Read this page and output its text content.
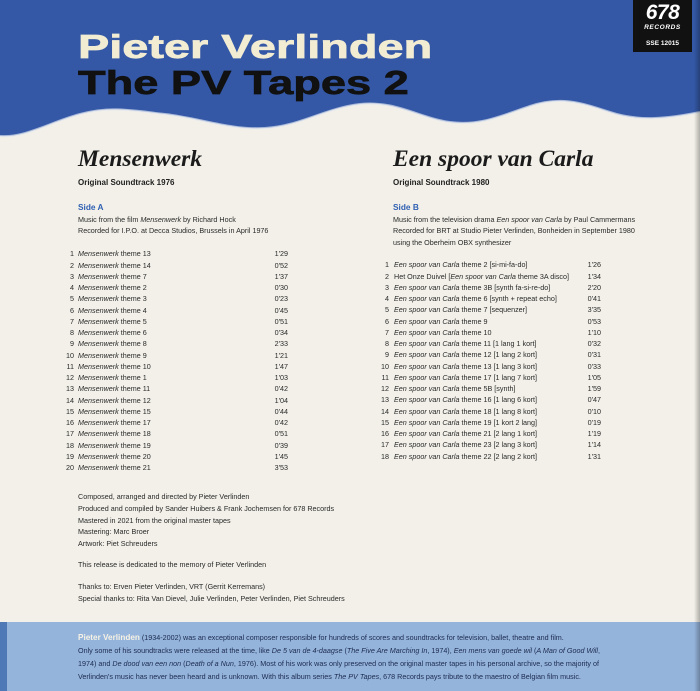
Pieter Verlinden
The PV Tapes 2
678
RECORDS
SSE 12015
Mensenwerk
Original Soundtrack 1976
Side A
Music from the film Mensenwerk by Richard Hock
Recorded for I.P.O. at Decca Studios, Brussels in April 1976
1 Mensenwerk theme 13	1'29
2 Mensenwerk theme 14	0'52
3 Mensenwerk theme 7	1'37
4 Mensenwerk theme 2	0'30
5 Mensenwerk theme 3	0'23
6 Mensenwerk theme 4	0'45
7 Mensenwerk theme 5	0'51
8 Mensenwerk theme 6	0'34
9 Mensenwerk theme 8	2'33
10 Mensenwerk theme 9	1'21
11 Mensenwerk theme 10	1'47
12 Mensenwerk theme 1	1'03
13 Mensenwerk theme 11	0'42
14 Mensenwerk theme 12	1'04
15 Mensenwerk theme 15	0'44
16 Mensenwerk theme 17	0'42
17 Mensenwerk theme 18	0'51
18 Mensenwerk theme 19	0'39
19 Mensenwerk theme 20	1'45
20 Mensenwerk theme 21	3'53
Een spoor van Carla
Original Soundtrack 1980
Side B
Music from the television drama Een spoor van Carla by Paul Cammermans
Recorded for BRT at Studio Pieter Verlinden, Bonheiden in September 1980
using the Oberheim OBX synthesizer
1 Een spoor van Carla theme 2 [si-mi-fa-do]	1'26
2 Het Onze Duivel [Een spoor van Carla theme 3A disco]	1'34
3 Een spoor van Carla theme 3B [synth fa-si-re-do]	2'20
4 Een spoor van Carla theme 6 [synth + repeat echo]	0'41
5 Een spoor van Carla theme 7 [sequenzer]	3'35
6 Een spoor van Carla theme 9	0'53
7 Een spoor van Carla theme 10	1'10
8 Een spoor van Carla theme 11 [1 lang 1 kort]	0'32
9 Een spoor van Carla theme 12 [1 lang 2 kort]	0'31
10 Een spoor van Carla theme 13 [1 lang 3 kort]	0'33
11 Een spoor van Carla theme 17 [1 lang 7 kort]	1'05
12 Een spoor van Carla theme 5B [synth]	1'59
13 Een spoor van Carla theme 16 [1 lang 6 kort]	0'47
14 Een spoor van Carla theme 18 [1 lang 8 kort]	0'10
15 Een spoor van Carla theme 19 [1 kort 2 lang]	0'19
16 Een spoor van Carla theme 21 [2 lang 1 kort]	1'19
17 Een spoor van Carla theme 23 [2 lang 3 kort]	1'14
18 Een spoor van Carla theme 22 [2 lang 2 kort]	1'31
Composed, arranged and directed by Pieter Verlinden
Produced and compiled by Sander Huibers & Frank Jochemsen for 678 Records
Mastered in 2021 from the original master tapes
Mastering: Marc Broer
Artwork: Piet Schreuders
This release is dedicated to the memory of Pieter Verlinden
Thanks to: Erven Pieter Verlinden, VRT (Gerrit Kerremans)
Special thanks to: Rita Van Dievel, Julie Verlinden, Peter Verlinden, Piet Schreuders
Pieter Verlinden (1934-2002) was an exceptional composer responsible for hundreds of scores and soundtracks for television, ballet, theatre and film.
Only some of his soundtracks were released at the time, like De 5 van de 4-daagse (The Five Are Marching In, 1974), Een mens van goede wil (A Man of Good Will,
1974) and De dood van een non (Death of a Nun, 1976). Most of his work was only preserved on the original master tapes in his personal archive, so the majority of
Verlinden's music has never been heard and is unknown. With this album series The PV Tapes, 678 Records pays tribute to the maestro of Belgian film music.
